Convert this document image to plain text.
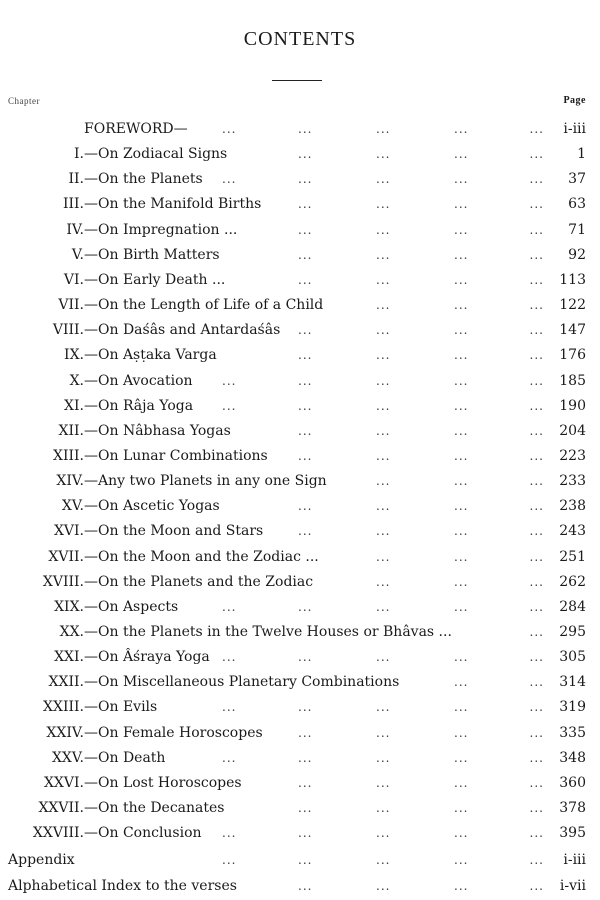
CONTENTS
Chapter	Page
FOREWORD—	...	...	...	...	... i-iii
I. —On Zodiacal Signs	...	...	...	... 1
II. —On the Planets ...	...	...	...	... 37
III. —On the Manifold Births	...	...	...	... 63
IV. —On Impregnation ...	...	...	...	... 71
V. —On Birth Matters	...	...	...	... 92
VI. —On Early Death ...	...	...	...	... 113
VII. —On the Length of Life of a Child	...	...	... 122
VIII. —On Daśâs and Antardaśâs ...	...	...	... 147
IX. —On Aṣṭaka Varga	...	...	...	... 176
X. —On Avocation ...	...	...	...	... 185
XI. —On Râja Yoga ...	...	...	...	... 190
XII. —On Nâbhasa Yogas	...	...	...	... 204
XIII. —On Lunar Combinations	...	...	...	... 223
XIV. —Any two Planets in any one Sign	...	...	... 233
XV. —On Ascetic Yogas	...	...	...	... 238
XVI. —On the Moon and Stars	...	...	...	... 243
XVII. —On the Moon and the Zodiac ...	...	...	... 251
XVIII. —On the Planets and the Zodiac	...	...	... 262
XIX. —On Aspects	...	...	...	...	... 284
XX. —On the Planets in the Twelve Houses or Bhâvas ...	... 295
XXI. —On Âśraya Yoga ...	...	...	...	... 305
XXII. —On Miscellaneous Planetary Combinations	...	... 314
XXIII. —On Evils	...	...	...	...	... 319
XXIV. —On Female Horoscopes	...	...	...	... 335
XXV. —On Death	...	...	...	...	... 348
XXVI. —On Lost Horoscopes	...	...	...	... 360
XXVII. —On the Decanates	...	...	...	... 378
XXVIII. —On Conclusion ...	...	...	...	... 395
Appendix	...	...	...	...	... i-iii
Alphabetical Index to the verses	...	...	...	... i-vii
